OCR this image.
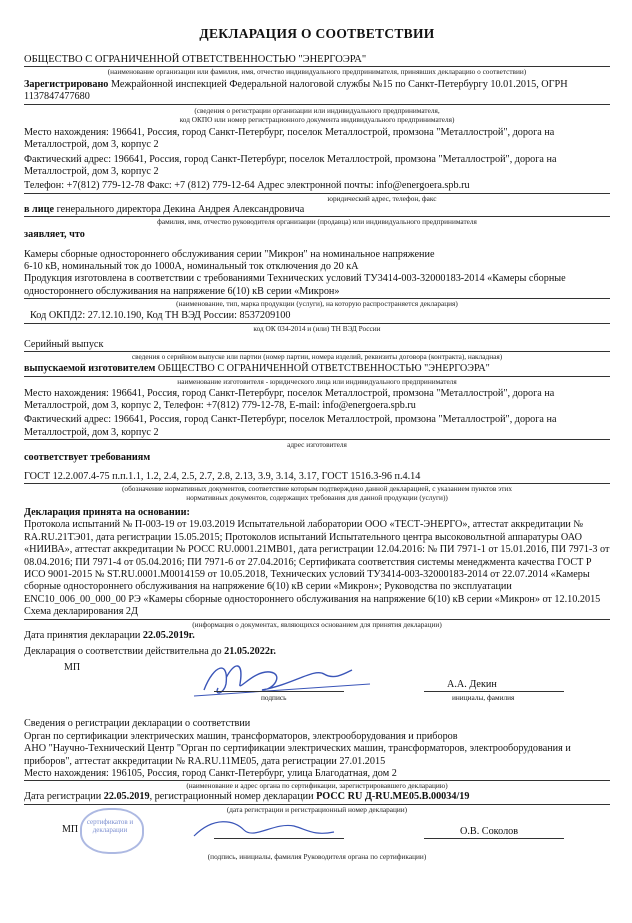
ДЕКЛАРАЦИЯ О СООТВЕТСТВИИ
ОБЩЕСТВО С ОГРАНИЧЕННОЙ ОТВЕТСТВЕННОСТЬЮ "ЭНЕРГОЭРА"
(наименование организации или фамилия, имя, отчество индивидуального предпринимателя, принявших декларацию о соответствии)
Зарегистрировано Межрайонной инспекцией Федеральной налоговой службы №15 по Санкт-Петербургу 10.01.2015, ОГРН 1137847477680
(сведения о регистрации организации или индивидуального предпринимателя,
код ОКПО или номер регистрационного документа индивидуального предпринимателя)
Место нахождения: 196641, Россия, город Санкт-Петербург, поселок Металлострой, промзона "Металлострой", дорога на Металлострой, дом 3, корпус 2
Фактический адрес: 196641, Россия, город Санкт-Петербург, поселок Металлострой, промзона "Металлострой", дорога на Металлострой, дом 3, корпус 2
Телефон: +7(812) 779-12-78 Факс: +7 (812) 779-12-64 Адрес электронной почты: info@energoera.spb.ru
юридический адрес, телефон, факс
в лице генерального директора Декина Андрея Александровича
фамилия, имя, отчество руководителя организации (продавца) или индивидуального предпринимателя
заявляет, что
Камеры сборные одностороннего обслуживания серии "Микрон" на номинальное напряжение
6-10 кВ, номинальный ток до 1000А, номинальный ток отключения до 20 кА
Продукция изготовлена в соответствии с требованиями Технических условий ТУ3414-003-32000183-2014 «Камеры сборные одностороннего обслуживания на напряжение 6(10) кВ серии «Микрон»
(наименование, тип, марка продукции (услуги), на которую распространяется декларация)
Код ОКПД2: 27.12.10.190, Код ТН ВЭД России: 8537209100
код ОК 034-2014 и (или) ТН ВЭД России
Серийный выпуск
сведения о серийном выпуске или партии (номер партии, номера изделий, реквизиты договора (контракта), накладная)
выпускаемой изготовителем ОБЩЕСТВО С ОГРАНИЧЕННОЙ ОТВЕТСТВЕННОСТЬЮ "ЭНЕРГОЭРА"
наименование изготовителя - юридического лица или индивидуального предпринимателя
Место нахождения: 196641, Россия, город Санкт-Петербург, поселок Металлострой, промзона "Металлострой", дорога на Металлострой, дом 3, корпус 2, Телефон: +7(812) 779-12-78, E-mail: info@energoera.spb.ru
Фактический адрес: 196641, Россия, город Санкт-Петербург, поселок Металлострой, промзона "Металлострой", дорога на Металлострой, дом 3, корпус 2
адрес изготовителя
соответствует требованиям
ГОСТ 12.2.007.4-75 п.п.1.1, 1.2, 2.4, 2.5, 2.7, 2.8, 2.13, 3.9, 3.14, 3.17, ГОСТ 1516.3-96 п.4.14
(обозначение нормативных документов, соответствие которым подтверждено данной декларацией, с указанием пунктов этих
нормативных документов, содержащих требования для данной продукции (услуги))
Декларация принята на основании:
Протокола испытаний № П-003-19 от 19.03.2019 Испытательной лаборатории ООО «ТЕСТ-ЭНЕРГО», аттестат аккредитации № RA.RU.21ТЭ01, дата регистрации 15.05.2015; Протоколов испытаний Испытательного центра высоковольтной аппаратуры ОАО «НИИВА», аттестат аккредитации № РОСС RU.0001.21МВ01, дата регистрации 12.04.2016: № ПИ 7971-1 от 15.01.2016, ПИ 7971-3 от 08.04.2016; ПИ 7971-4 от 05.04.2016; ПИ 7971-6 от 27.04.2016; Сертификата соответствия системы менеджмента качества ГОСТ Р ИСО 9001-2015 № ST.RU.0001.M0014159 от 10.05.2018, Технических условий ТУ3414-003-32000183-2014 от 22.07.2014 «Камеры сборные одностороннего обслуживания на напряжение 6(10) кВ серии «Микрон»; Руководства по эксплуатации ENC10_006_00_000_00 РЭ «Камеры сборные одностороннего обслуживания на напряжение 6(10) кВ серии «Микрон» от 12.10.2015
Схема декларирования 2Д
(информация о документах, являющихся основанием для принятия декларации)
Дата принятия декларации 22.05.2019г.
Декларация о соответствии действительна до 21.05.2022г.
МП
подпись
А.А. Декин
инициалы, фамилия
Сведения о регистрации декларации о соответствии
Орган по сертификации электрических машин, трансформаторов, электрооборудования и приборов
АНО "Научно-Технический Центр "Орган по сертификации электрических машин, трансформаторов, электрооборудования и приборов", аттестат аккредитации № RA.RU.11МЕ05, дата регистрации 27.01.2015
Место нахождения: 196105, Россия, город Санкт-Петербург, улица Благодатная, дом 2
(наименование и адрес органа по сертификации, зарегистрировавшего декларацию)
Дата регистрации 22.05.2019, регистрационный номер декларации РОСС RU Д-RU.МЕ05.В.00034/19
(дата регистрации и регистрационный номер декларации)
сертификатов и декларации
МП	О.В. Соколов
(подпись, инициалы, фамилия Руководителя органа по сертификации)
